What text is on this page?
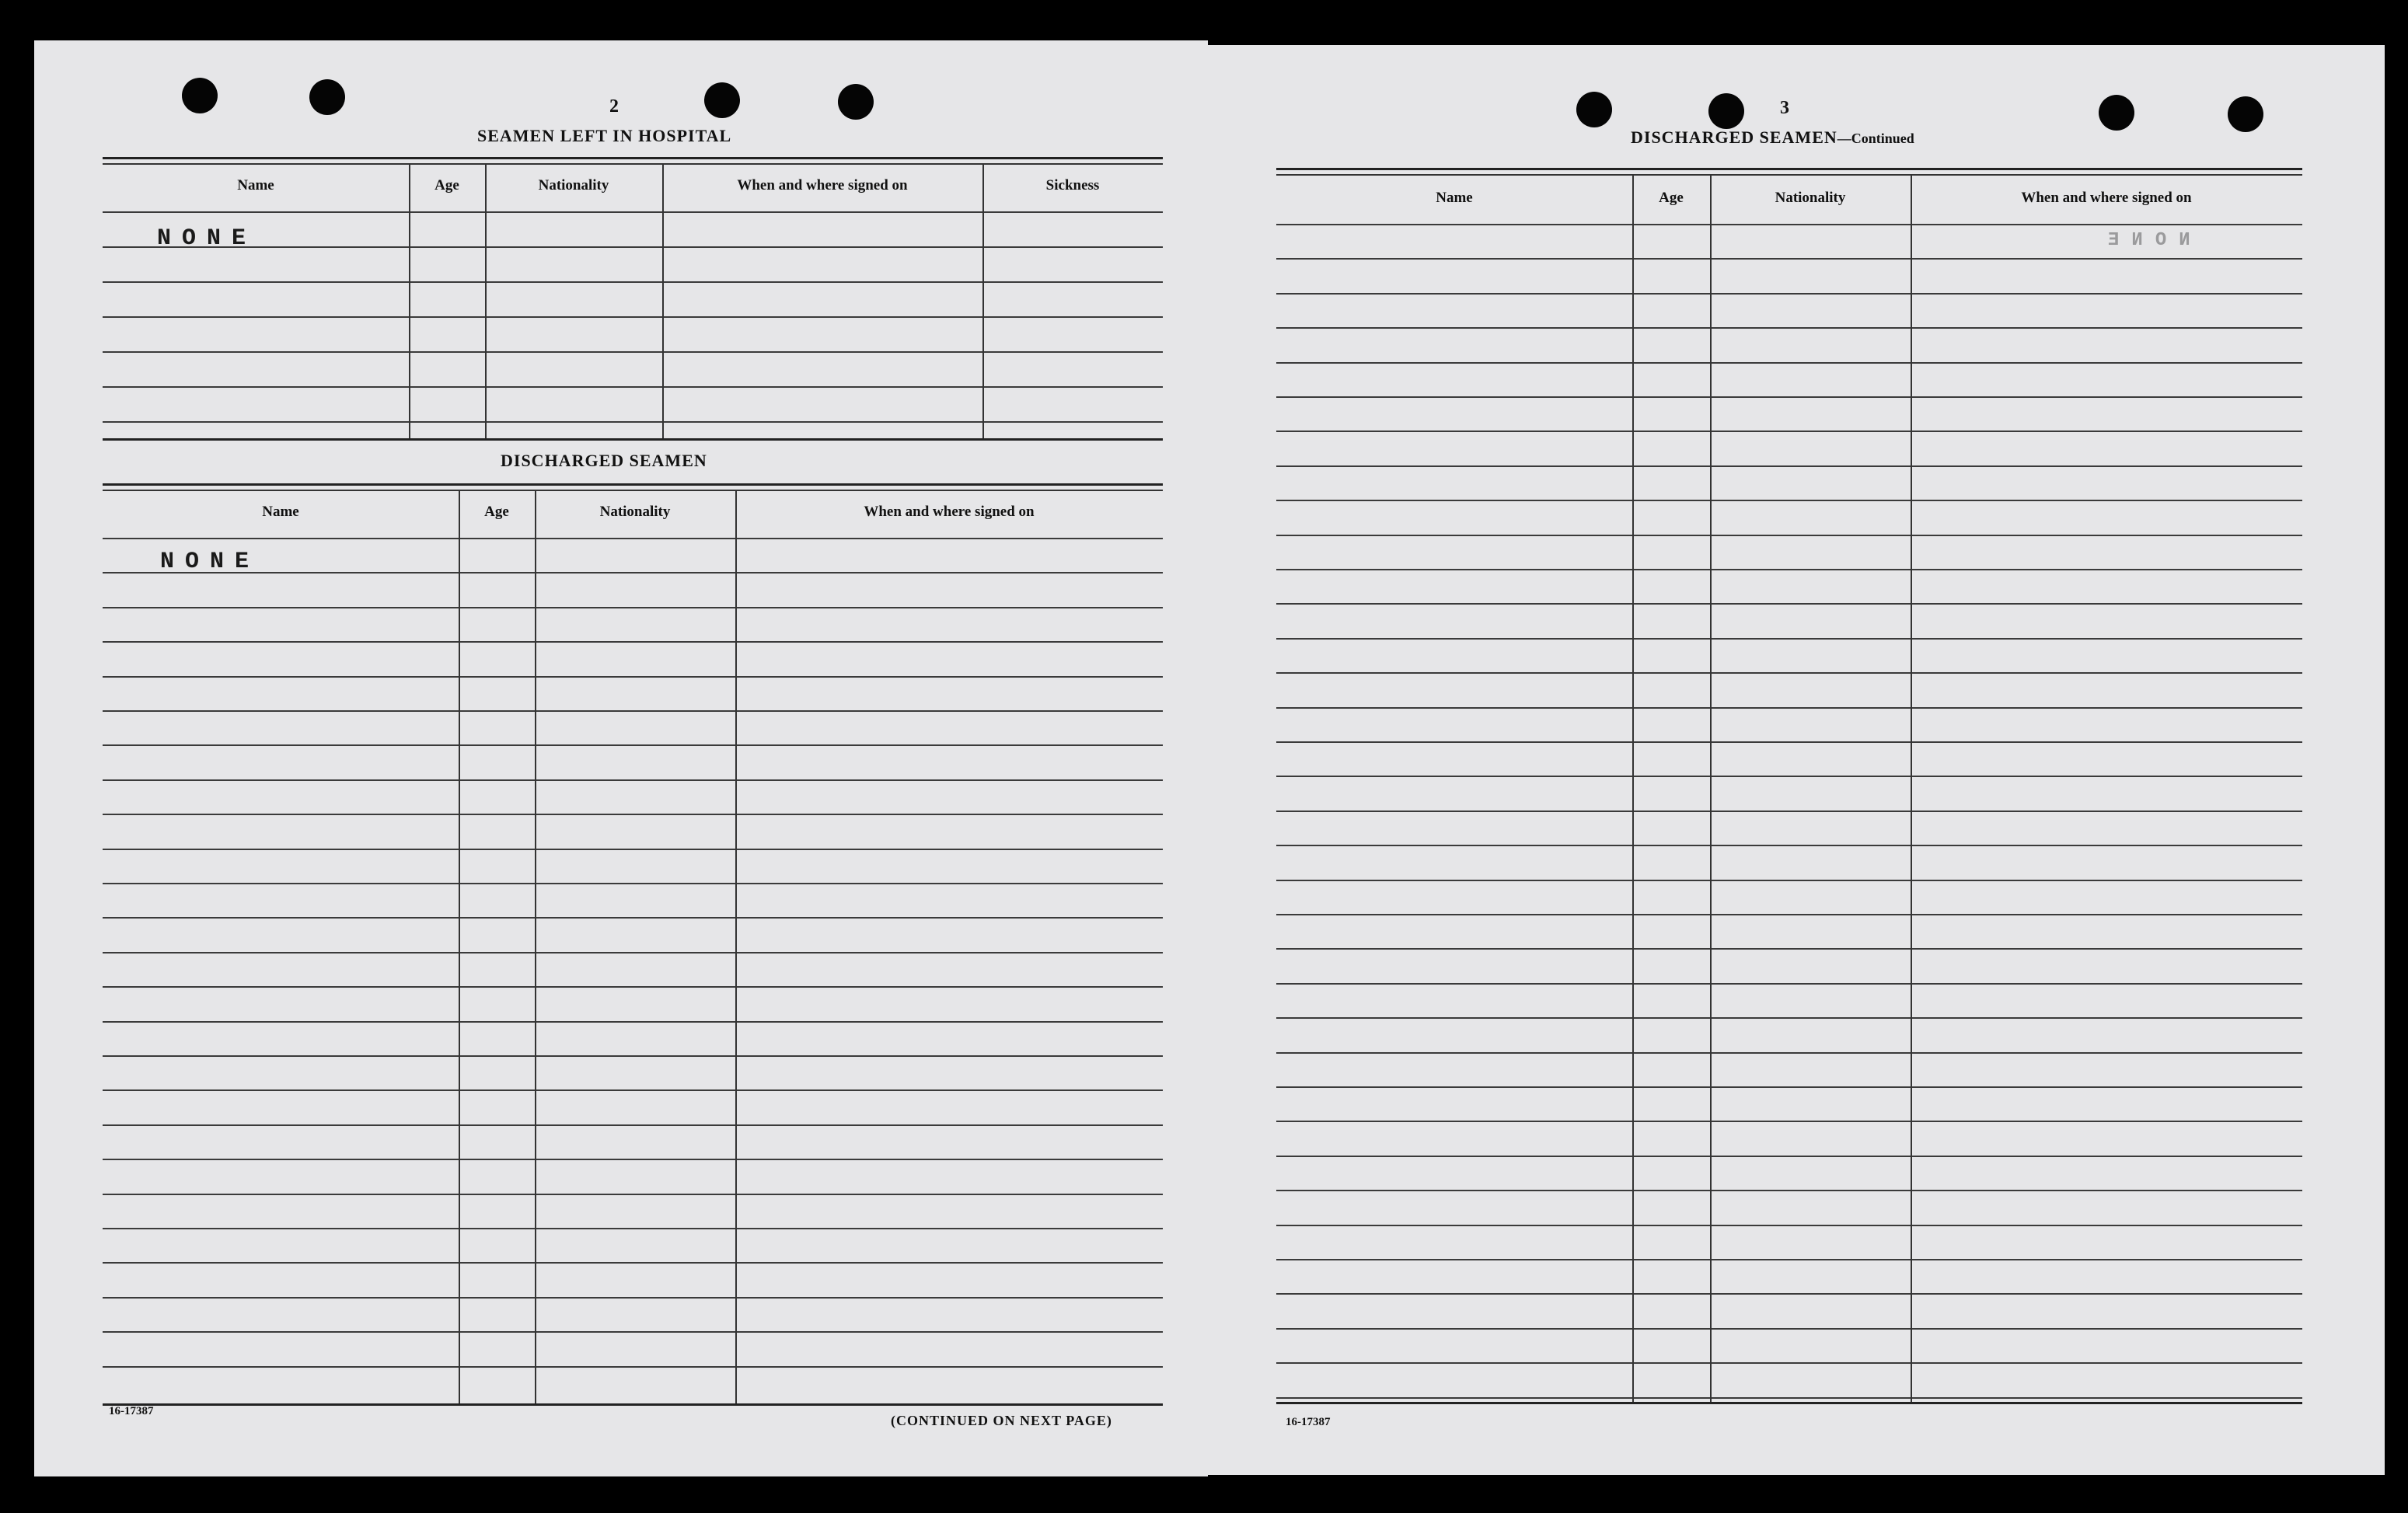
2
SEAMEN LEFT IN HOSPITAL
Name	Age	Nationality	When and where signed on	Sickness
NONE
DISCHARGED SEAMEN
Name	Age	Nationality	When and where signed on
NONE
16-17387
(CONTINUED ON NEXT PAGE)
3
DISCHARGED SEAMEN—Continued
Name	Age	Nationality	When and where signed on
NONE
16-17387
